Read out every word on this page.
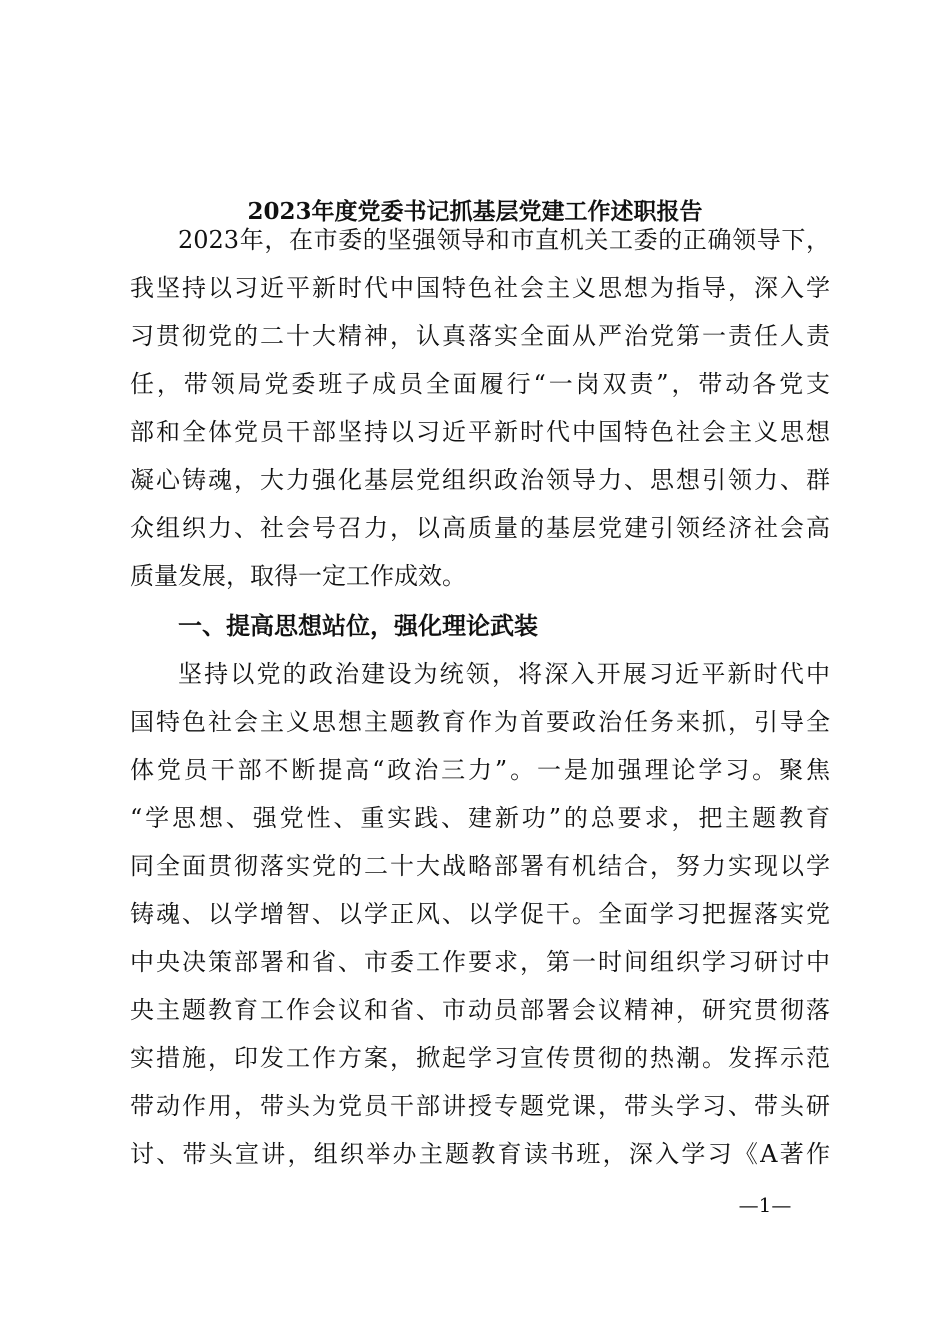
2023年度党委书记抓基层党建工作述职报告
2023年，在市委的坚强领导和市直机关工委的正确领导下，
我坚持以习近平新时代中国特色社会主义思想为指导，深入学
习贯彻党的二十大精神，认真落实全面从严治党第一责任人责
任，带领局党委班子成员全面履行“一岗双责”，带动各党支
部和全体党员干部坚持以习近平新时代中国特色社会主义思想
凝心铸魂，大力强化基层党组织政治领导力、思想引领力、群
众组织力、社会号召力，以高质量的基层党建引领经济社会高
质量发展，取得一定工作成效。
一、提高思想站位，强化理论武装
坚持以党的政治建设为统领，将深入开展习近平新时代中
国特色社会主义思想主题教育作为首要政治任务来抓，引导全
体党员干部不断提高“政治三力”。一是加强理论学习。聚焦
“学思想、强党性、重实践、建新功”的总要求，把主题教育
同全面贯彻落实党的二十大战略部署有机结合，努力实现以学
铸魂、以学增智、以学正风、以学促干。全面学习把握落实党
中央决策部署和省、市委工作要求，第一时间组织学习研讨中
央主题教育工作会议和省、市动员部署会议精神，研究贯彻落
实措施，印发工作方案，掀起学习宣传贯彻的热潮。发挥示范
带动作用，带头为党员干部讲授专题党课，带头学习、带头研
讨、带头宣讲，组织举办主题教育读书班，深入学习《A著作
—1—
